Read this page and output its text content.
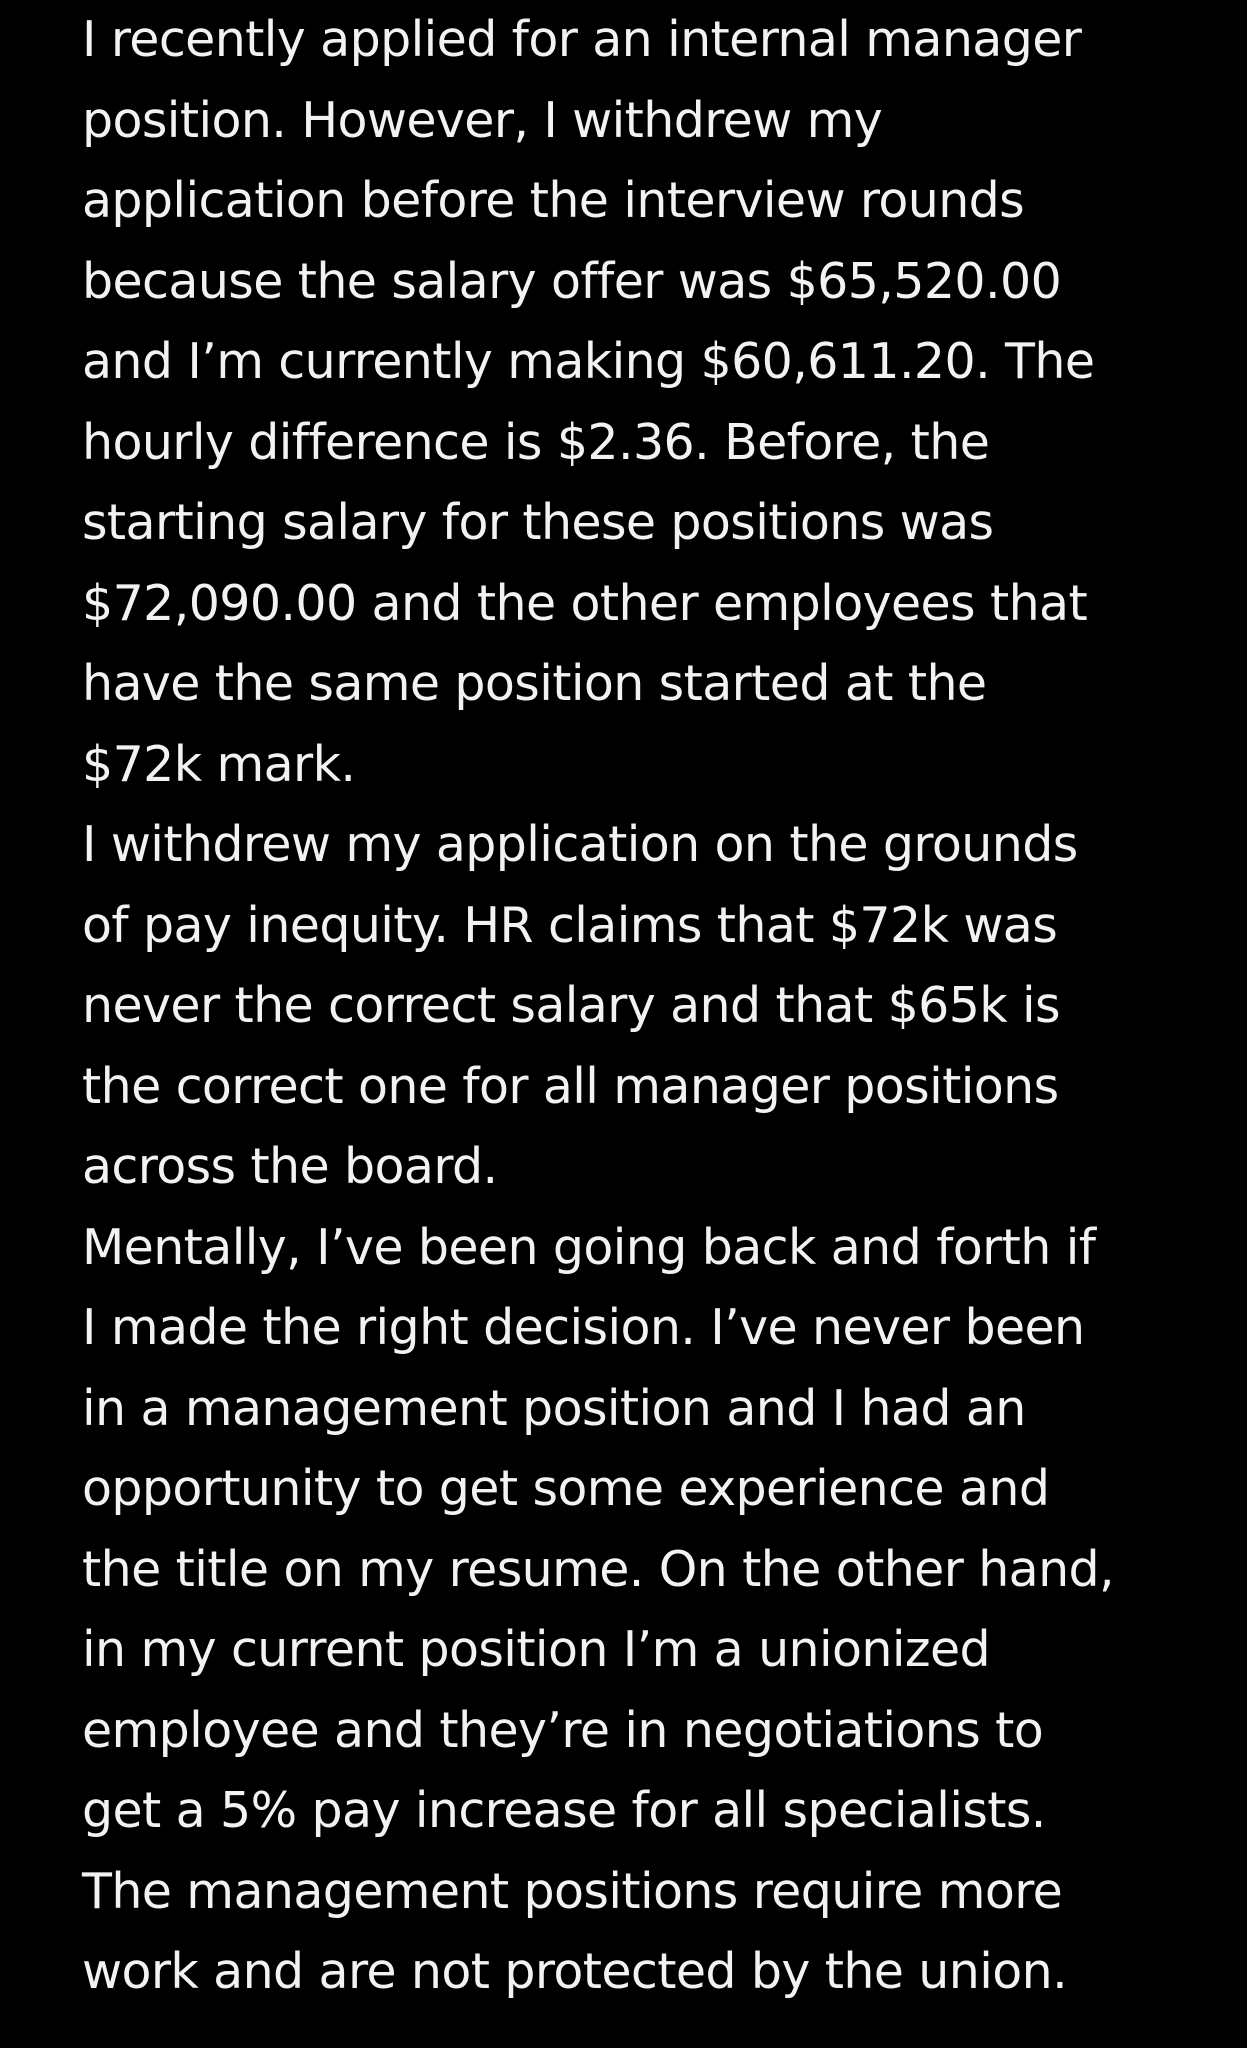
I recently applied for an internal manager
position. However, I withdrew my
application before the interview rounds
because the salary offer was $65,520.00
and I’m currently making $60,611.20. The
hourly difference is $2.36. Before, the
starting salary for these positions was
$72,090.00 and the other employees that
have the same position started at the
$72k mark.
I withdrew my application on the grounds
of pay inequity. HR claims that $72k was
never the correct salary and that $65k is
the correct one for all manager positions
across the board.
Mentally, I’ve been going back and forth if
I made the right decision. I’ve never been
in a management position and I had an
opportunity to get some experience and
the title on my resume. On the other hand,
in my current position I’m a unionized
employee and they’re in negotiations to
get a 5% pay increase for all specialists.
The management positions require more
work and are not protected by the union.
